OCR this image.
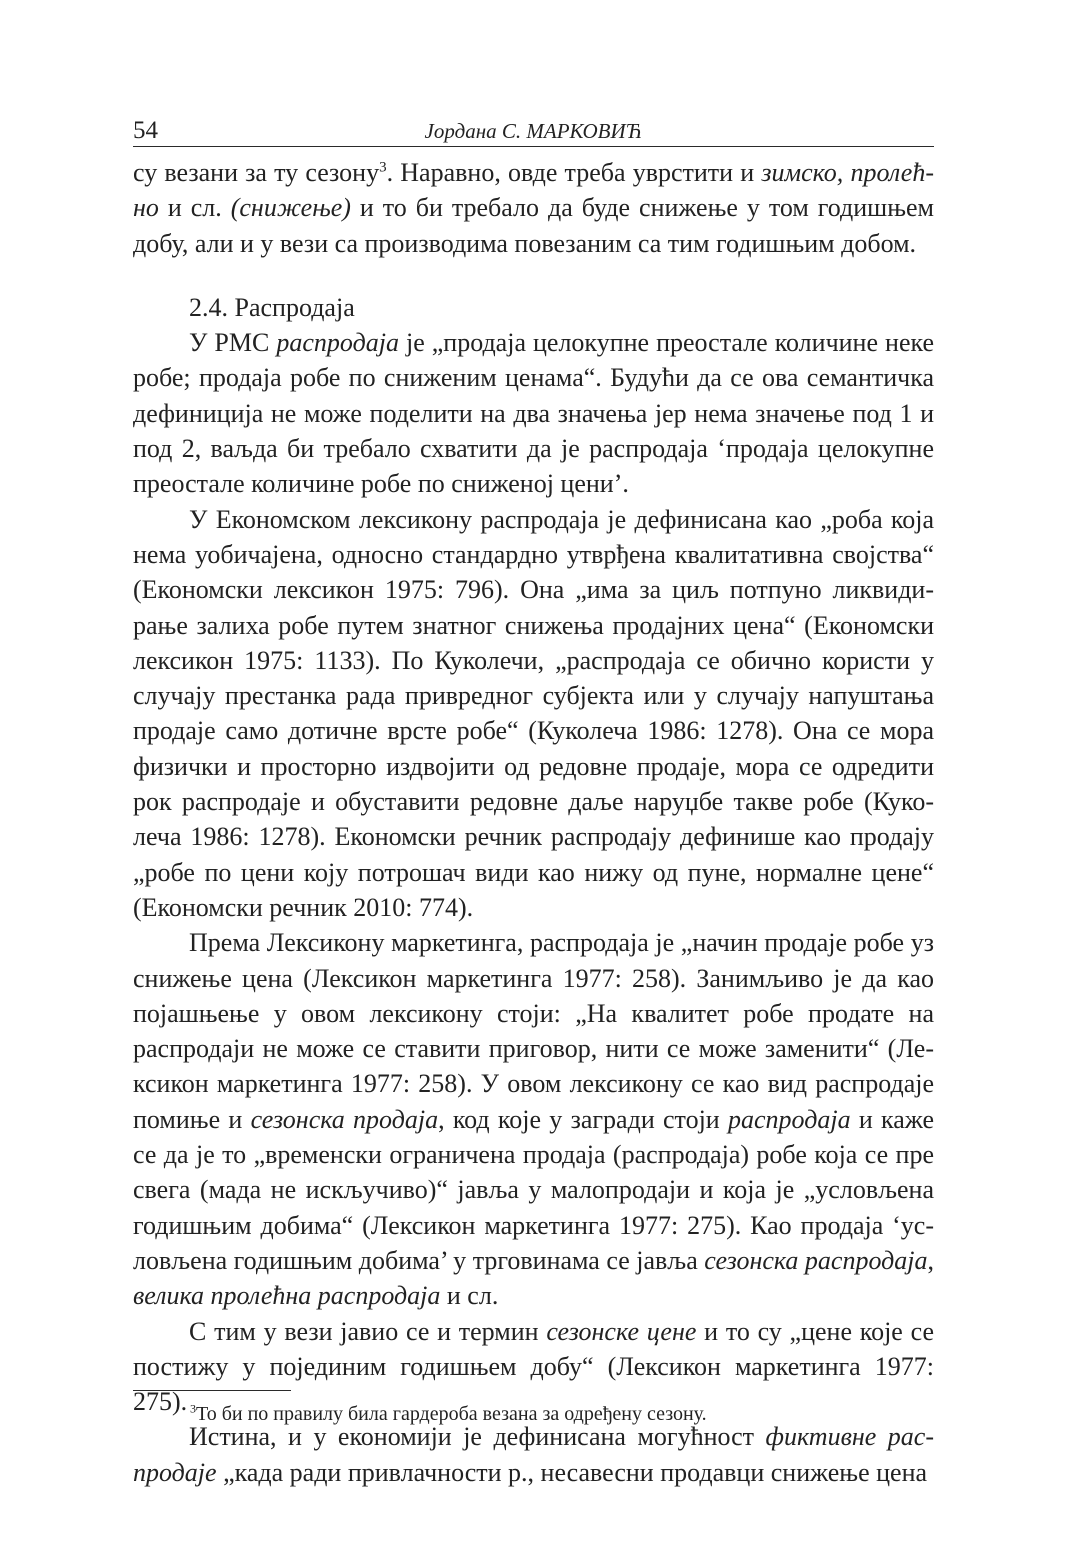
54	Јордана С. МАРКОВИЋ

су везани за ту сезону$^3$. Наравно, овде треба уврстити и зимско, пролећ-но и сл. (снижење) и то би требало да буде снижење у том годишњем добу, али и у вези са производима повезаним са тим годишњим добом.

2.4. Распродаја

У РМС распродаја је „продаја целокупне преостале количине неке робе; продаја робе по сниженим ценама“. Будући да се ова семантичка дефиниција не може поделити на два значења јер нема значење под 1 и под 2, ваљда би требало схватити да је распродаја ‘продаја целокупне преостале количине робе по сниженој цени’.

У Економском лексикону распродаја је дефинисана као „роба која нема уобичајена, односно стандардно утврђена квалитативна својства“ (Економски лексикон 1975: 796). Она „има за циљ потпуно ликвиди-рање залиха робе путем знатног снижења продајних цена“ (Економски лексикон 1975: 1133). По Куколечи, „распродаја се обично користи у случају престанка рада привредног субјекта или у случају напуштања продаје само дотичне врсте робе“ (Куколеча 1986: 1278). Она се мора физички и просторно издвојити од редовне продаје, мора се одредити рок распродаје и обуставити редовне даље наруџбе такве робе (Куко-леча 1986: 1278). Економски речник распродају дефинише као продају „робе по цени коју потрошач види као нижу од пуне, нормалне цене“ (Економски речник 2010: 774).

Према Лексикону маркетинга, распродаја је „начин продаје робе уз снижење цена (Лексикон маркетинга 1977: 258). Занимљиво је да као појашњење у овом лексикону стоји: „На квалитет робе продате на распродаји не може се ставити приговор, нити се може заменити“ (Ле-ксикон маркетинга 1977: 258). У овом лексикону се као вид распродаје помиње и сезонска продаја, код које у загради стоји распродаја и каже се да је то „временски ограничена продаја (распродаја) робе која се пре свега (мада не искључиво)“ јавља у малопродаји и која је „условљена годишњим добима“ (Лексикон маркетинга 1977: 275). Као продаја ‘ус-ловљена годишњим добима’ у трговинама се јавља сезонска распродаја, велика пролећна распродаја и сл.

С тим у вези јавио се и термин сезонске цене и то су „цене које се постижу у појединим годишњем добу“ (Лексикон маркетинга 1977: 275).

Истина, и у економији је дефинисана могућност фиктивне рас-продаје „када ради привлачности р., несавесни продавци снижење цена

$^3$То би по правилу била гардероба везана за одређену сезону.
